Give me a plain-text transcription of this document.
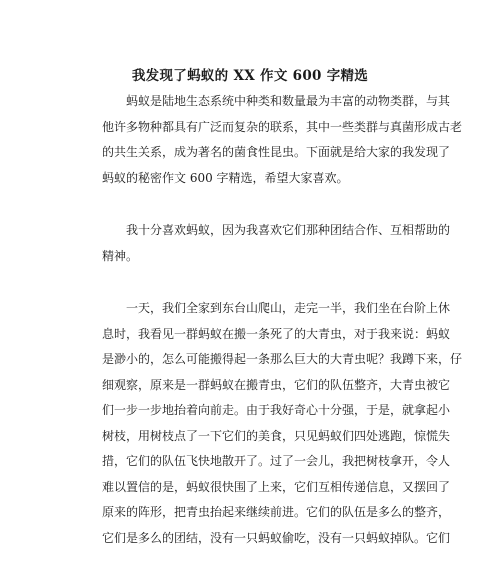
我发现了蚂蚁的 XX 作文 600 字精选
　　蚂蚁是陆地生态系统中种类和数量最为丰富的动物类群，与其
他许多物种都具有广泛而复杂的联系，其中一些类群与真菌形成古老
的共生关系，成为著名的菌食性昆虫。下面就是给大家的我发现了
蚂蚁的秘密作文 600 字精选，希望大家喜欢。
　　我十分喜欢蚂蚁，因为我喜欢它们那种团结合作、互相帮助的
精神。
　　一天，我们全家到东台山爬山，走完一半，我们坐在台阶上休
息时，我看见一群蚂蚁在搬一条死了的大青虫，对于我来说：蚂蚁
是渺小的，怎么可能搬得起一条那么巨大的大青虫呢？我蹲下来，仔
细观察，原来是一群蚂蚁在搬青虫，它们的队伍整齐，大青虫被它
们一步一步地抬着向前走。由于我好奇心十分强，于是，就拿起小
树枝，用树枝点了一下它们的美食，只见蚂蚁们四处逃跑，惊慌失
措，它们的队伍飞快地散开了。过了一会儿，我把树枝拿开，令人
难以置信的是，蚂蚁很快围了上来，它们互相传递信息，又摆回了
原来的阵形，把青虫抬起来继续前进。它们的队伍是多么的整齐，
它们是多么的团结，没有一只蚂蚁偷吃，没有一只蚂蚁掉队。它们
